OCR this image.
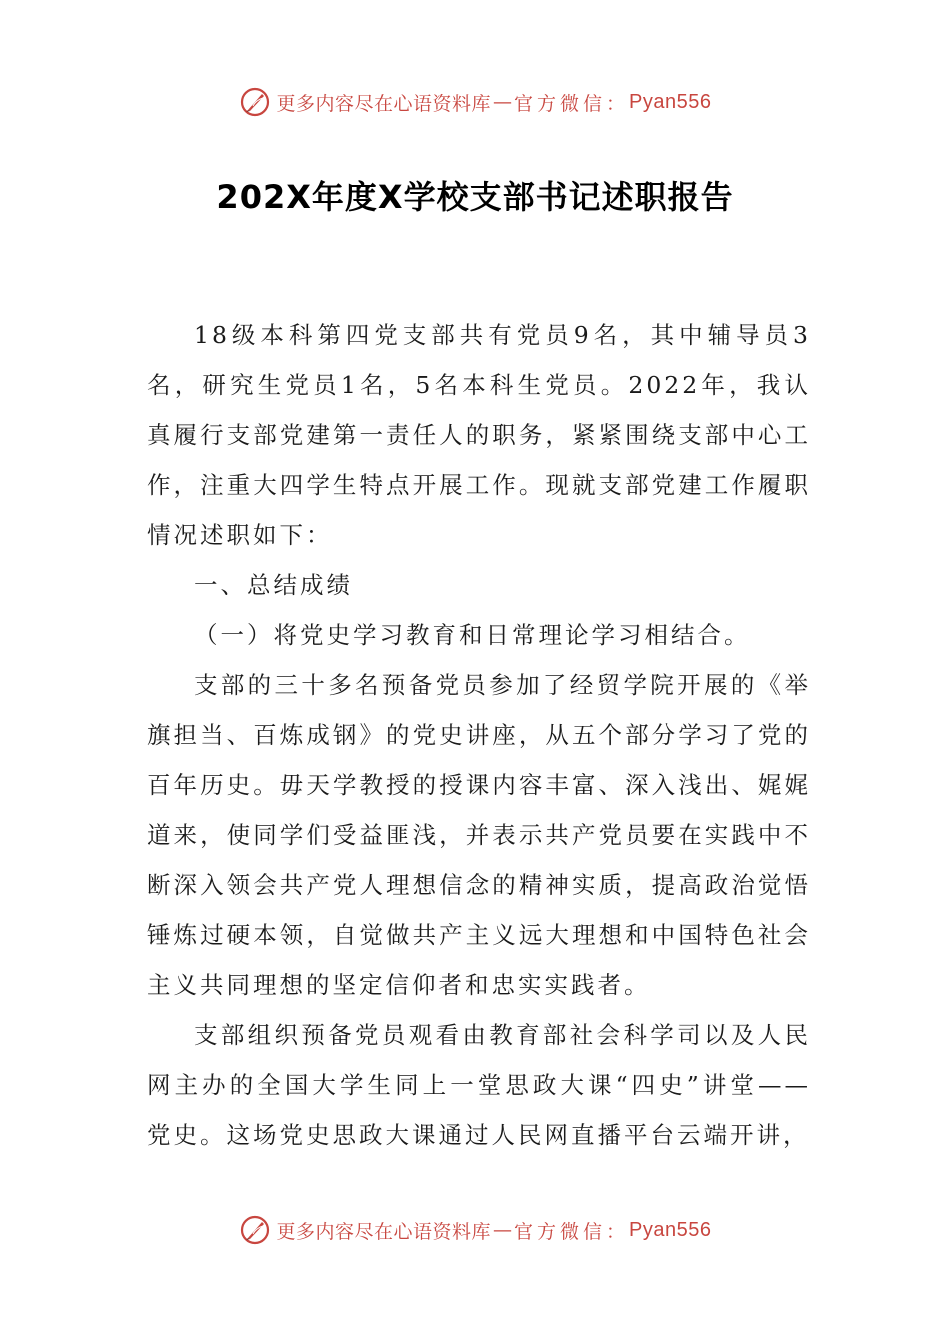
更多内容尽在心语资料库 — 官方微信： Pyan556
202X年度X学校支部书记述职报告

18级本科第四党支部共有党员9名，其中辅导员3名，研究生党员1名，5名本科生党员。2022年，我认真履行支部党建第一责任人的职务，紧紧围绕支部中心工作，注重大四学生特点开展工作。现就支部党建工作履职情况述职如下：

一、总结成绩

（一）将党史学习教育和日常理论学习相结合。

支部的三十多名预备党员参加了经贸学院开展的《举旗担当、百炼成钢》的党史讲座，从五个部分学习了党的百年历史。毋天学教授的授课内容丰富、深入浅出、娓娓道来，使同学们受益匪浅，并表示共产党员要在实践中不断深入领会共产党人理想信念的精神实质，提高政治觉悟锤炼过硬本领，自觉做共产主义远大理想和中国特色社会主义共同理想的坚定信仰者和忠实实践者。

支部组织预备党员观看由教育部社会科学司以及人民网主办的全国大学生同上一堂思政大课“四史”讲堂——党史。这场党史思政大课通过人民网直播平台云端开讲，

更多内容尽在心语资料库 — 官方微信： Pyan556
